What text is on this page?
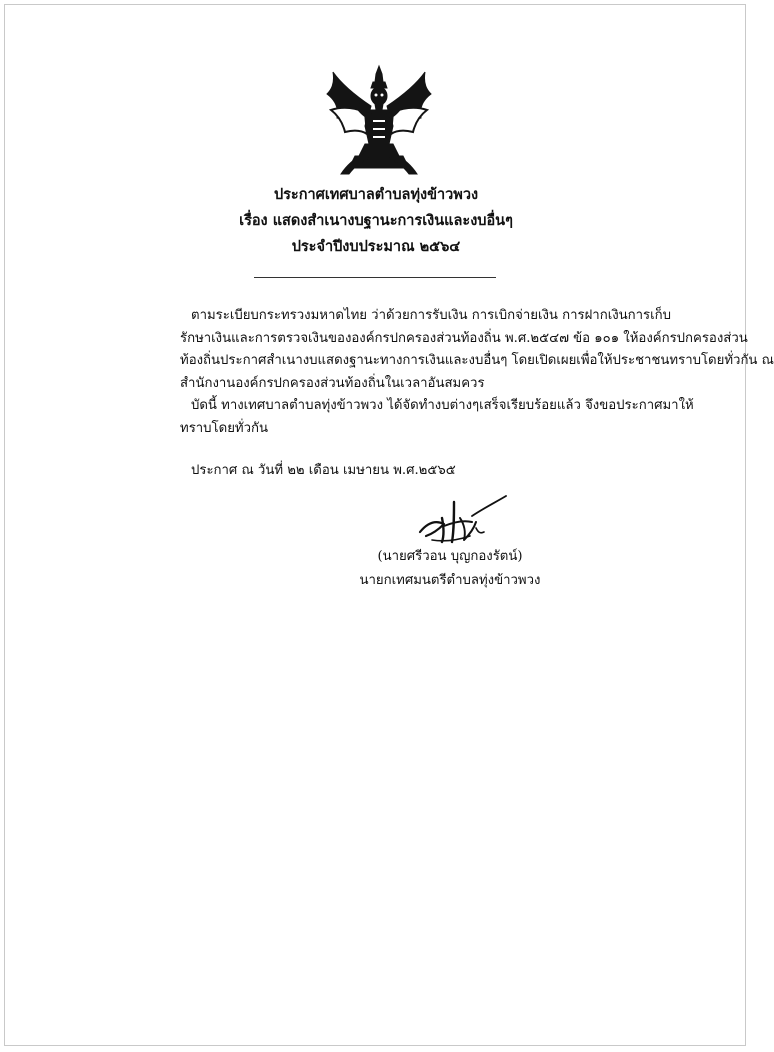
ประกาศเทศบาลตำบลทุ่งข้าวพวง
เรื่อง แสดงสำเนางบฐานะการเงินและงบอื่นๆ
ประจำปีงบประมาณ ๒๕๖๔
ตามระเบียบกระทรวงมหาดไทย ว่าด้วยการรับเงิน การเบิกจ่ายเงิน การฝากเงินการเก็บ
รักษาเงินและการตรวจเงินขององค์กรปกครองส่วนท้องถิ่น พ.ศ.๒๕๔๗ ข้อ ๑๐๑ ให้องค์กรปกครองส่วน
ท้องถิ่นประกาศสำเนางบแสดงฐานะทางการเงินและงบอื่นๆ โดยเปิดเผยเพื่อให้ประชาชนทราบโดยทั่วกัน ณ
สำนักงานองค์กรปกครองส่วนท้องถิ่นในเวลาอันสมควร
บัดนี้ ทางเทศบาลตำบลทุ่งข้าวพวง ได้จัดทำงบต่างๆเสร็จเรียบร้อยแล้ว จึงขอประกาศมาให้
ทราบโดยทั่วกัน
ประกาศ ณ วันที่ ๒๒ เดือน เมษายน พ.ศ.๒๕๖๕
(นายศรีวอน บุญกองรัตน์)
นายกเทศมนตรีตำบลทุ่งข้าวพวง
